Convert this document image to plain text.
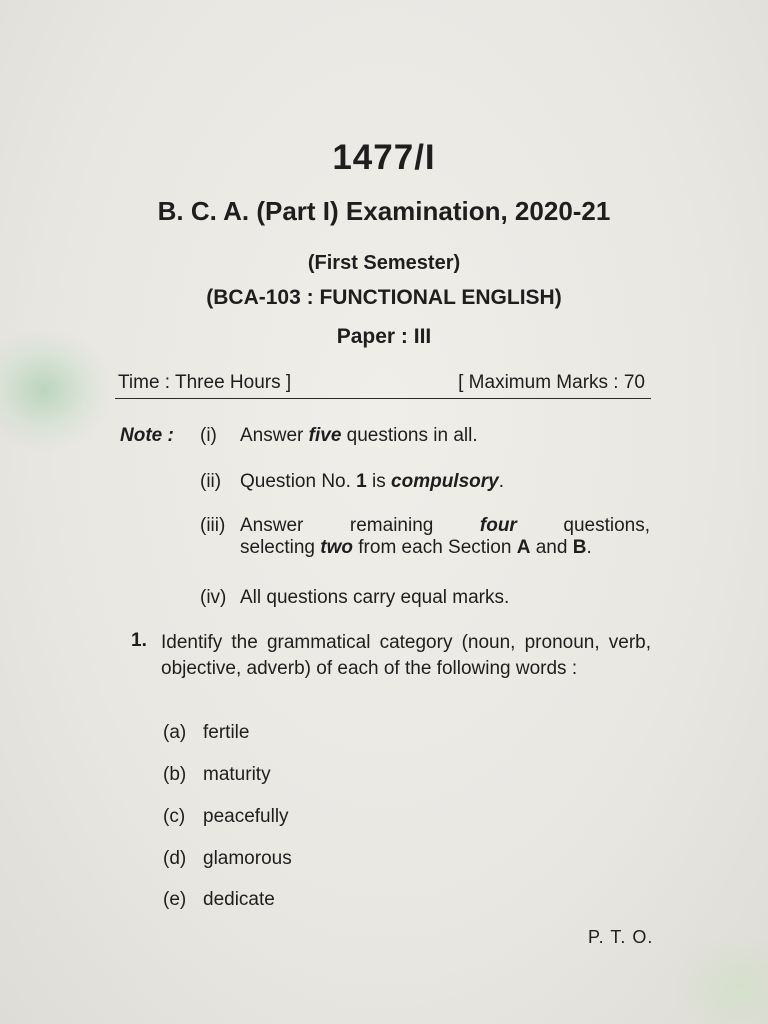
1477/I

B. C. A. (Part I) Examination, 2020-21

(First Semester)

(BCA-103 : FUNCTIONAL ENGLISH)

Paper : III

Time : Three Hours ]	[ Maximum Marks : 70
Note : (i) Answer five questions in all.
(ii) Question No. 1 is compulsory.
(iii) Answer remaining four questions,
selecting two from each Section A and B.
(iv) All questions carry equal marks.
1. Identify the grammatical category (noun, pronoun, verb, objective, adverb) of each of the following words :
(a) fertile
(b) maturity
(c) peacefully
(d) glamorous
(e) dedicate
P. T. O.
